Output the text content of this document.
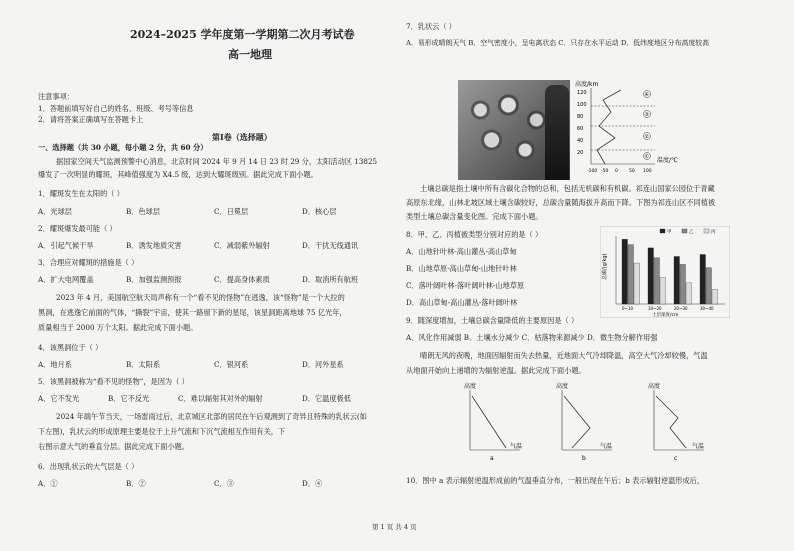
2024–2025 学年度第一学期第二次月考试卷
高一地理
注意事项：
1．答题前填写好自己的姓名、班级、考号等信息
2．请将答案正确填写在答题卡上
第Ⅰ卷（选择题）
一、选择题（共 30 小题，每小题 2 分，共 60 分）
据国家空间天气监测预警中心消息，北京时间 2024 年 9 月 14 日 23 时 29 分，太阳活动区 13825
爆发了一次明显的耀斑，其峰值强度为 X4.5 级，达到大耀斑级别。据此完成下面小题。
1．耀斑发生在太阳的（ ）
A．光球层	B．色球层	C．日冕层	D．核心层
2．耀斑爆发最可能（ ）
A．引起气候干旱	B．诱发地质灾害	C．减弱紫外辐射	D．干扰无线通讯
3．合理应对耀斑的措施是（ ）
A．扩大电网覆盖	B．加强监测预报	C．提高身体素质	D．取消所有航班
2023 年 4 月，美国航空航天局声称有一个“看不见的怪物”在逃逸，该“怪物”是一个大拉的
黑洞，在逃逸它前面的气体，“撕裂”宇宙，使其一路留下新的星尾，该星洞距离地球 75 亿光年，
质量相当于 2000 万个太阳。据此完成下面小题。
4．该黑洞位于（ ）
A．地月系	B．太阳系	C．银河系	D．河外星系
5．该黑洞被称为“看不见的怪物”，是因为（ ）
A．它不发光	B．它不反光	C．难以辐射其对外的辐射	D．它温度极低
2024 年端午节当天，一场雷雨过后，北京城区北部的居民在午后观测到了奇异且特殊的乳状云(如
下左图)，乳状云的形成原理主要是位于上升气流和下沉气流相互作用有关，下
右图示意大气的垂直分层。据此完成下面小题。
6．出现乳状云的大气层是（ ）
A．①	B．②	C．③	D．④
7．乳状云（ ）
A．易形成晴朗天气 B．空气密度小，呈电离状态 C．只存在水平运动 D．低纬度地区分布高度较高
高度/km
120
100
80
60
40
20
-100 -50 0 50 100
温度/℃
④
③
②
①
土壤总碳是指土壤中所有含碳化合物的总和，包括无机碳和有机碳。祁连山国家公园位于青藏
高原东北缘，山林北坡区域土壤含碳较好，总碳含量随海拔升高而下降。下图为祁连山区不同植被
类型土壤总碳含量变化图。完成下面小题。
8．甲、乙、丙植被类型分别对应的是（ ）
A．山地针叶林-高山灌丛-高山草甸
B．山地草原-高山草甸-山地针叶林
C．落叶阔叶林-落叶阔叶林-山地草原
D．高山草甸-高山灌丛-落叶阔叶林
总碳/(g/kg)
甲	乙	丙
0~10	10~20	20~30	30~40
土层深度/cm
9．随深度增加，土壤总碳含量降低的主要原因是（ ）
A．风化作用减弱 B．土壤水分减少 C．枯落物来源减少 D．微生物分解作用强
晴朗无风的夜晚，地面因辐射而失去热量，近地面大气冷却降温，高空大气冷却较慢，气温
从地面开始向上递增的为辐射逆温。据此完成下面小题。
高度
气温
a
高度
气温
b
高度
气温
c
10．图中 a 表示辐射逆温形成前的气温垂直分布，一般出现在午后；b 表示辐射逆温形成后，
第 1 页 共 4 页
